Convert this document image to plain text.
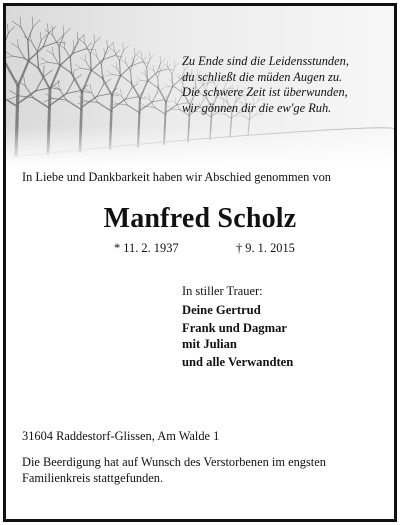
Zu Ende sind die Leidensstunden,
du schließt die müden Augen zu.
Die schwere Zeit ist überwunden,
wir gönnen dir die ew'ge Ruh.

In Liebe und Dankbarkeit haben wir Abschied genommen von

Manfred Scholz
* 11. 2. 1937	† 9. 1. 2015

In stiller Trauer:

Deine Gertrud
Frank und Dagmar
mit Julian
und alle Verwandten
31604 Raddestorf-Glissen, Am Walde 1

Die Beerdigung hat auf Wunsch des Verstorbenen im engsten Familienkreis stattgefunden.
